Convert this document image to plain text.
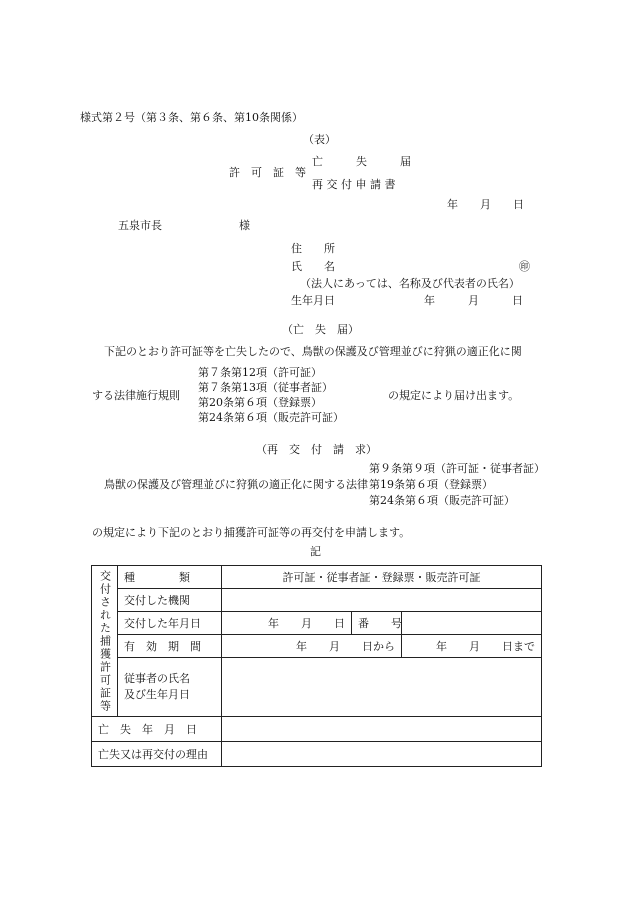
様式第２号（第３条、第６条、第10条関係）
（表）
許　可　証　等
亡　　　失　　　届
再 交 付 申 請 書
年　　月　　日
五泉市長　　　　　　　様
住　　所
氏　　名	㊞
（法人にあっては、名称及び代表者の氏名）
生年月日	年　　　月　　　日
（亡　失　届）
下記のとおり許可証等を亡失したので、鳥獣の保護及び管理並びに狩猟の適正化に関
する法律施行規則
第７条第12項（許可証）
第７条第13項（従事者証）
第20条第６項（登録票）
第24条第６項（販売許可証）
の規定により届け出ます。
（再　交　付　請　求）
鳥獣の保護及び管理並びに狩猟の適正化に関する法律
第９条第９項（許可証・従事者証）
第19条第６項（登録票）
第24条第６項（販売許可証）
の規定により下記のとおり捕獲許可証等の再交付を申請します。
記
交付された捕獲許可証等	種　　　　類	許可証・従事者証・登録票・販売許可証		
	交付した機関			
	交付した年月日	年　　月　　日	番　　号	
	有　効　期　間	年　　月　　日から		年　　月　　日まで
	従事者の氏名
及び生年月日			
亡　失　年　月　日				
亡失又は再交付の理由				
